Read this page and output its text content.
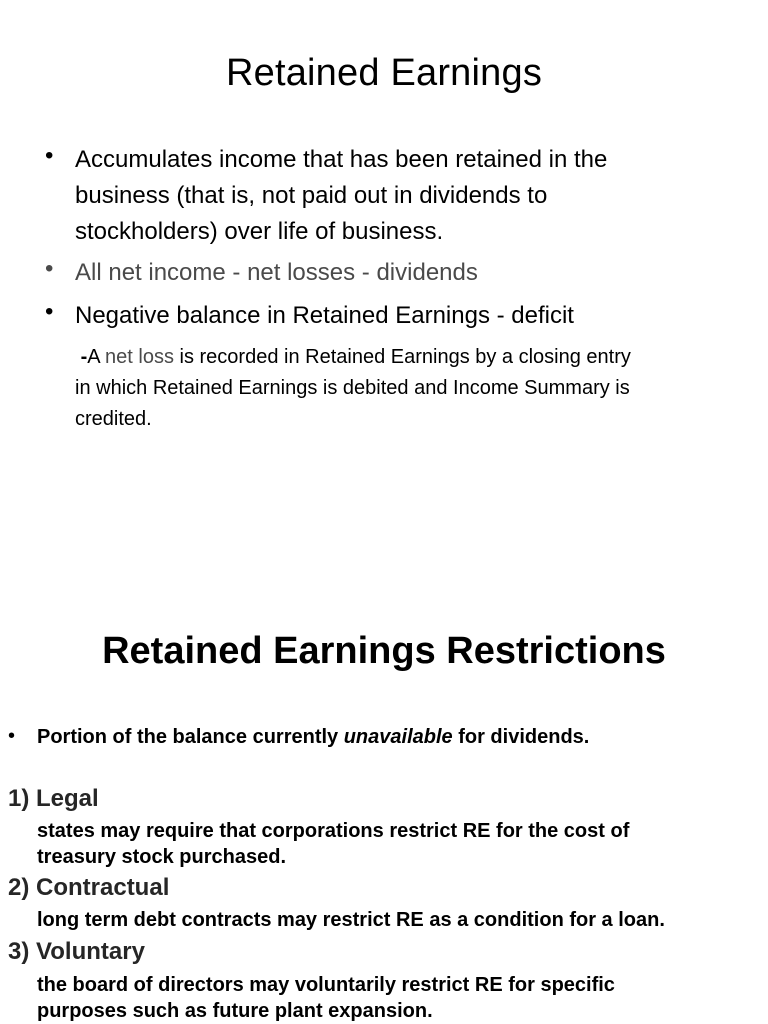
Retained Earnings
• Accumulates income that has been retained in the
business (that is, not paid out in dividends to
stockholders) over life of business.
• All net income - net losses - dividends
• Negative balance in Retained Earnings - deficit
-A net loss is recorded in Retained Earnings by a closing entry
in which Retained Earnings is debited and Income Summary is
credited.
Retained Earnings Restrictions
• Portion of the balance currently unavailable for dividends.
1) Legal
states may require that corporations restrict RE for the cost of
treasury stock purchased.
2) Contractual
long term debt contracts may restrict RE as a condition for a loan.
3) Voluntary
the board of directors may voluntarily restrict RE for specific
purposes such as future plant expansion.
